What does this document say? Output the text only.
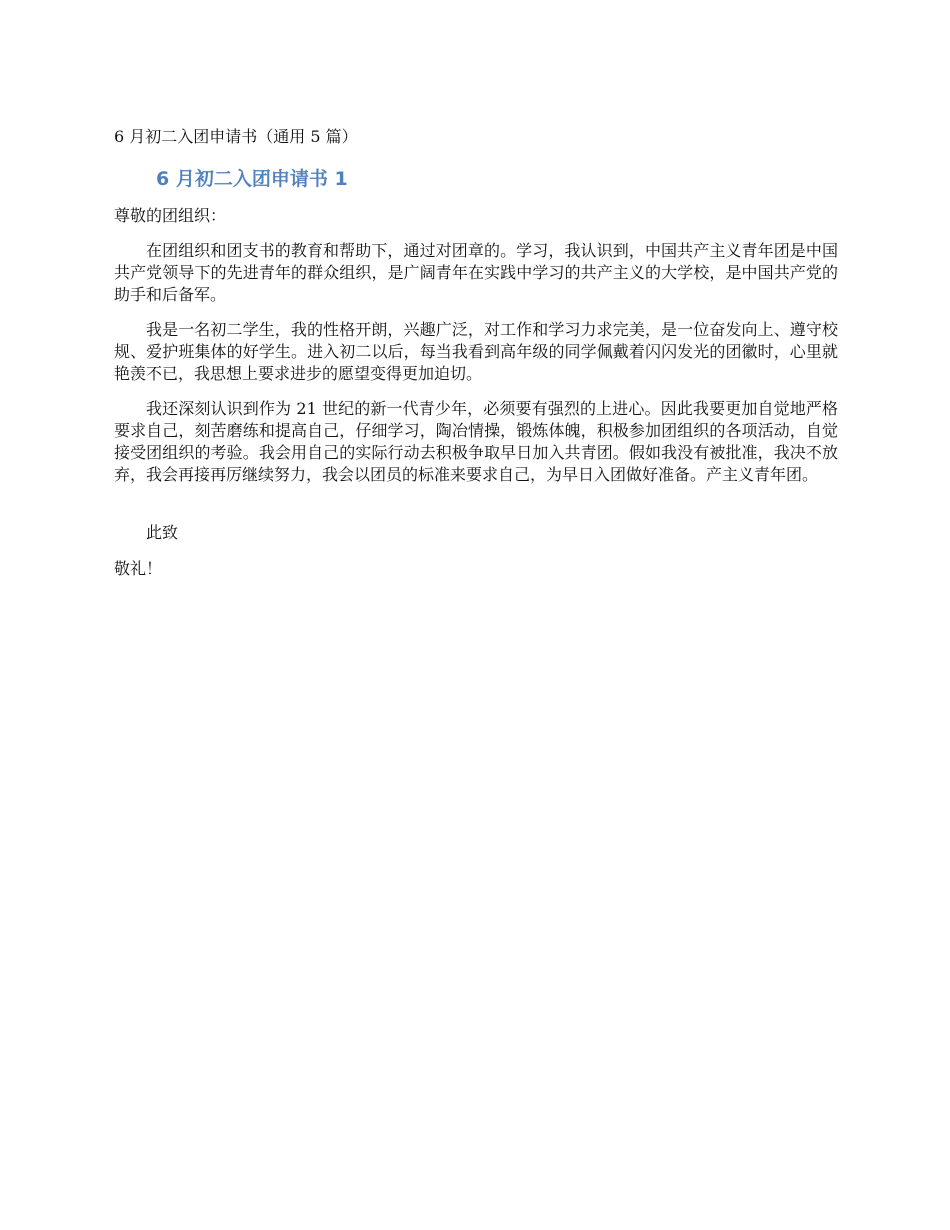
6 月初二入团申请书（通用 5 篇）
6 月初二入团申请书 1
尊敬的团组织：

在团组织和团支书的教育和帮助下，通过对团章的。学习，我认识到，中国共产主义青年团是中国共产党领导下的先进青年的群众组织，是广阔青年在实践中学习的共产主义的大学校，是中国共产党的助手和后备军。

我是一名初二学生，我的性格开朗，兴趣广泛，对工作和学习力求完美，是一位奋发向上、遵守校规、爱护班集体的好学生。进入初二以后，每当我看到高年级的同学佩戴着闪闪发光的团徽时，心里就艳羡不已，我思想上要求进步的愿望变得更加迫切。

我还深刻认识到作为 21 世纪的新一代青少年，必须要有强烈的上进心。因此我要更加自觉地严格要求自己，刻苦磨练和提高自己，仔细学习，陶冶情操，锻炼体魄，积极参加团组织的各项活动，自觉接受团组织的考验。我会用自己的实际行动去积极争取早日加入共青团。假如我没有被批准，我决不放弃，我会再接再厉继续努力，我会以团员的标准来要求自己，为早日入团做好准备。产主义青年团。

此致
敬礼！
